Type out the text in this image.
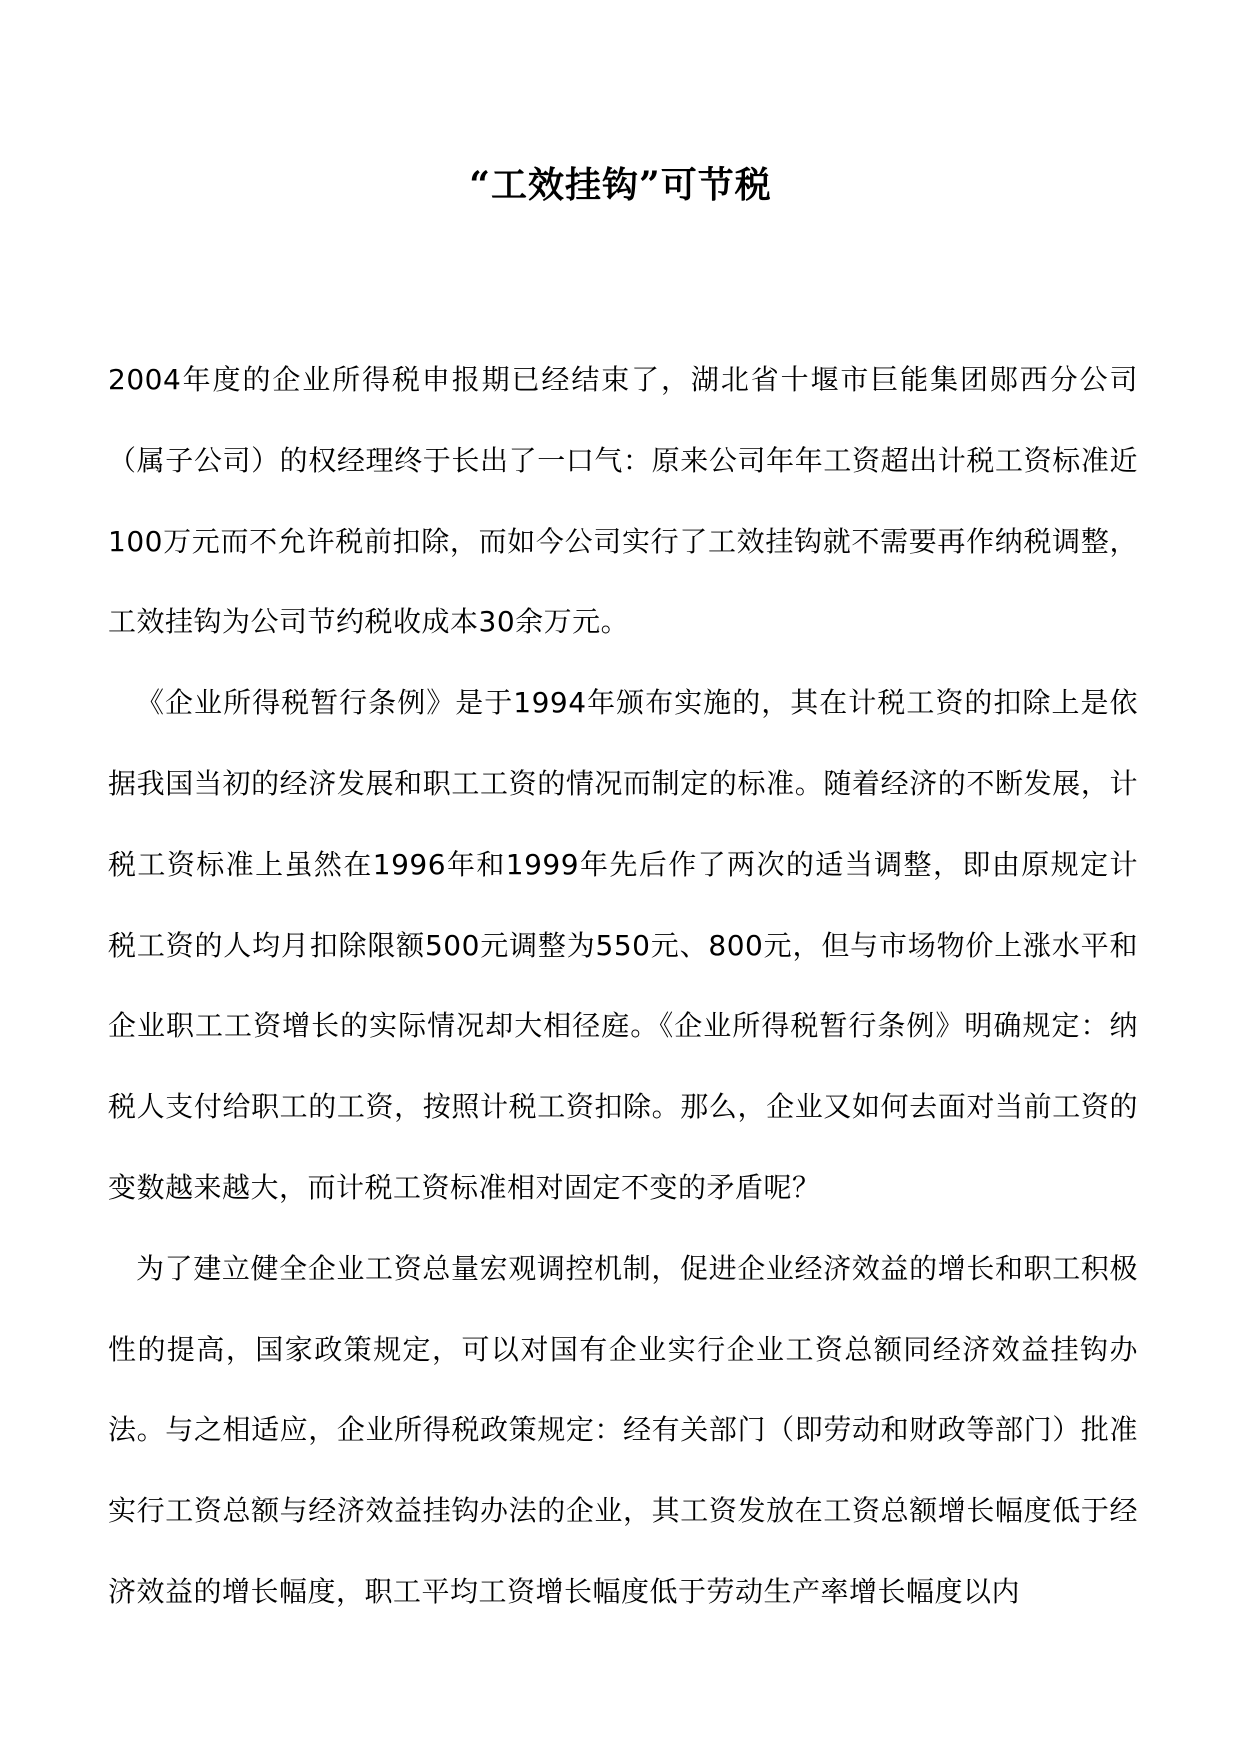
“工效挂钩”可节税

2004年度的企业所得税申报期已经结束了，湖北省十堰市巨能集团郧西分公司（属子公司）的权经理终于长出了一口气：原来公司年年工资超出计税工资标准近100万元而不允许税前扣除，而如今公司实行了工效挂钩就不需要再作纳税调整，工效挂钩为公司节约税收成本30余万元。

《企业所得税暂行条例》是于1994年颁布实施的，其在计税工资的扣除上是依据我国当初的经济发展和职工工资的情况而制定的标准。随着经济的不断发展，计税工资标准上虽然在1996年和1999年先后作了两次的适当调整，即由原规定计税工资的人均月扣除限额500元调整为550元、800元，但与市场物价上涨水平和企业职工工资增长的实际情况却大相径庭。《企业所得税暂行条例》明确规定：纳税人支付给职工的工资，按照计税工资扣除。那么，企业又如何去面对当前工资的变数越来越大，而计税工资标准相对固定不变的矛盾呢？

为了建立健全企业工资总量宏观调控机制，促进企业经济效益的增长和职工积极性的提高，国家政策规定，可以对国有企业实行企业工资总额同经济效益挂钩办法。与之相适应，企业所得税政策规定：经有关部门（即劳动和财政等部门）批准实行工资总额与经济效益挂钩办法的企业，其工资发放在工资总额增长幅度低于经济效益的增长幅度，职工平均工资增长幅度低于劳动生产率增长幅度以内
